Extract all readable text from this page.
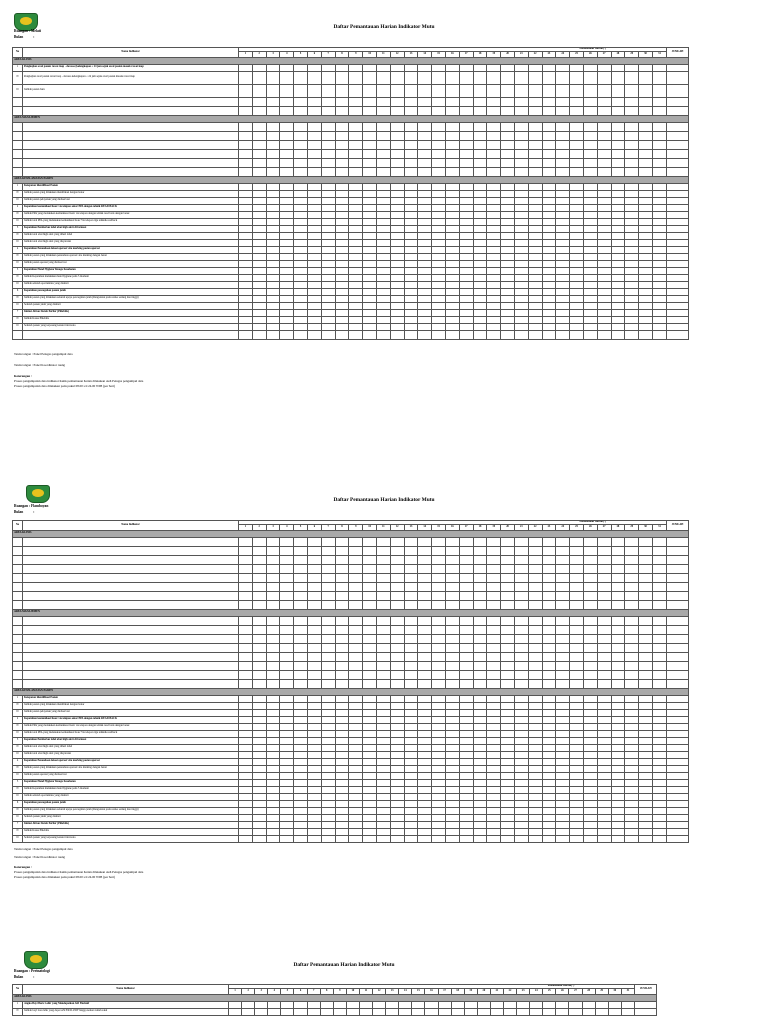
Daftar Pemantauan Harian Indikator Mutu
Ruangan : Melati
Bulan	:
No	Nama Indikator	Pemantauan Harian(*)																															JUMLAH
		1	2	3	4	5	6	7	8	9	10	11	12	13	14	15	16	17	18	19	20	21	22	23	24	25	26	27	28	29	30	31	
AREA KLINIS																																	
1	Pengkajian awal pasien rawat inap - dewasa (kelengkapan ≤ 24 jam sejak awal pasien masuk rawat inap																																
N	Pengkajian awal pasien rawat inap - dewasa kelengkapan ≤ 24 jam sejak awal pasien masuk rawat inap																																
D	Jumlah pasien baru																																

AREA MANAJEMEN																																	

AREA KESELAMATAN PASIEN																																	
1	Ketepatan Identifikasi Pasien																																
N	Jumlah pasien yang dilakukan identifikasi dengan benar																																
D	Jumlah pasien pelayanan yang diobservasi																																
2	Kepatuhan komunikasi lisan/ via telepon antar PPA dengan tehnik READ BACK																																
N	Jumlah PPA yang melakukan komunikasi lisan/ via telepon dengan tehnik read back dengan benar																																
D	Jumlah total PPA yang melakukan komunikasi lisan/ Via telepon tiga tehknik readback																																
3	Kepatuhan Pemberian label obat high alert di farmasi																																
N	Jumlah total obat high alert yang diberi label																																
D	Jumlah total obat high alert yang disyaratan																																
4	Kepatuhan Penandaan lokasi operasi/ site marking pasien operasi																																
N	Jumlah pasien yang dilakukan penandaan operasi/ site marking dengan benar																																
D	Jumlah pasien operasi yang diobservasi																																
5	Kepatuhan Hand Hygiene Tenaga Kesehatan																																
N	Jumlah Kepatuhan melakukan hand hygiene pada 5 moment																																
D	Jumlah seluruh oportunities yang diamati																																
6	Kepatuhan pencegahan pasien jatuh																																
N	Jumlah pasien yang dilakukan seluruh upaya pencegahan jatuh (Rangsiatan pada resiko sedang dan tinggi)																																
D	Seluruh pasien jatuh yang diamati																																
7	Infeksi Aliran Darah Perifer (Phlebitis)																																
N	Jumlah Kasus Phlebitis																																
D	Seluruh pasien yang terpasang kateter intravena																																

Tanda tangan : Panel Petugas pengumpul data
Tanda tangan : Panel Koordinator ruang
Keterangan :
Proses pengumpulan data indikator hanik pemantauan harian dilakukan oleh Petugas pengumpul data
Proses pengumpulan data dilakukan pada pukul 08.00 s/d 24.00 WIB (per hari)
Daftar Pemantauan Harian Indikator Mutu
Ruangan : Flamboyan
Bulan	:
No	Nama Indikator	Pemantauan Harian(*)																															JUMLAH
		1	2	3	4	5	6	7	8	9	10	11	12	13	14	15	16	17	18	19	20	21	22	23	24	25	26	27	28	29	30	31	
AREA KLINIS																																	

AREA MANAJEMEN																																	

AREA KESELAMATAN PASIEN																																	
1	Ketepatan Identifikasi Pasien																																
N	Jumlah pasien yang dilakukan identifikasi dengan benar																																
D	Jumlah pasien pelayanan yang diobservasi																																
2	Kepatuhan komunikasi lisan/ via telepon antar PPA dengan tehnik READ BACK																																
N	Jumlah PPA yang melakukan komunikasi lisan/ via telepon dengan tehnik read back dengan benar																																
D	Jumlah total PPA yang melakukan komunikasi lisan/ Via telepon tiga tehknik readback																																
3	Kepatuhan Pemberian label obat high alert di farmasi																																
N	Jumlah total obat high alert yang diberi label																																
D	Jumlah total obat high alert yang disyaratan																																
4	Kepatuhan Penandaan lokasi operasi/ site marking pasien operasi																																
N	Jumlah pasien yang dilakukan penandaan operasi/ site marking dengan benar																																
D	Jumlah pasien operasi yang diobservasi																																
5	Kepatuhan Hand Hygiene Tenaga Kesehatan																																
N	Jumlah Kepatuhan melakukan hand hygiene pada 5 moment																																
D	Jumlah seluruh oportunities yang diamati																																
6	Kepatuhan pencegahan pasien jatuh																																
N	Jumlah pasien yang dilakukan seluruh upaya pencegahan jatuh (Rangsiatan pada resiko sedang dan tinggi)																																
D	Seluruh pasien jatuh yang diamati																																
7	Infeksi Aliran Darah Perifer (Phlebitis)																																
N	Jumlah Kasus Phlebitis																																
D	Seluruh pasien yang terpasang kateter intravena																																
Tanda tangan : Panel Petugas pengumpul data
Tanda tangan : Panel Koordinator ruang
Keterangan :
Proses pengumpulan data indikator hanik pemantauan harian dilakukan oleh Petugas pengumpul data
Proses pengumpulan data dilakukan pada pukul 08.00 s/d 24.00 WIB (per hari)
Daftar Pemantauan Harian Indikator Mutu
Ruangan : Perinatologi
Bulan	:
No	Nama Indikator	Pemantauan Harian(*)																															JUMLAH
		1	2	3	4	5	6	7	8	9	10	11	12	13	14	15	16	17	18	19	20	21	22	23	24	25	26	27	28	29	30	31	
AREA KLINIS																																	
1	Angka Bayi Baru Lahir yang Mendapatkan ASI Ekslusif																																
N	Jumlah bayi baru lahir yang dapat ASI EKSLUSIF hingga keluar rumah sakit																																
